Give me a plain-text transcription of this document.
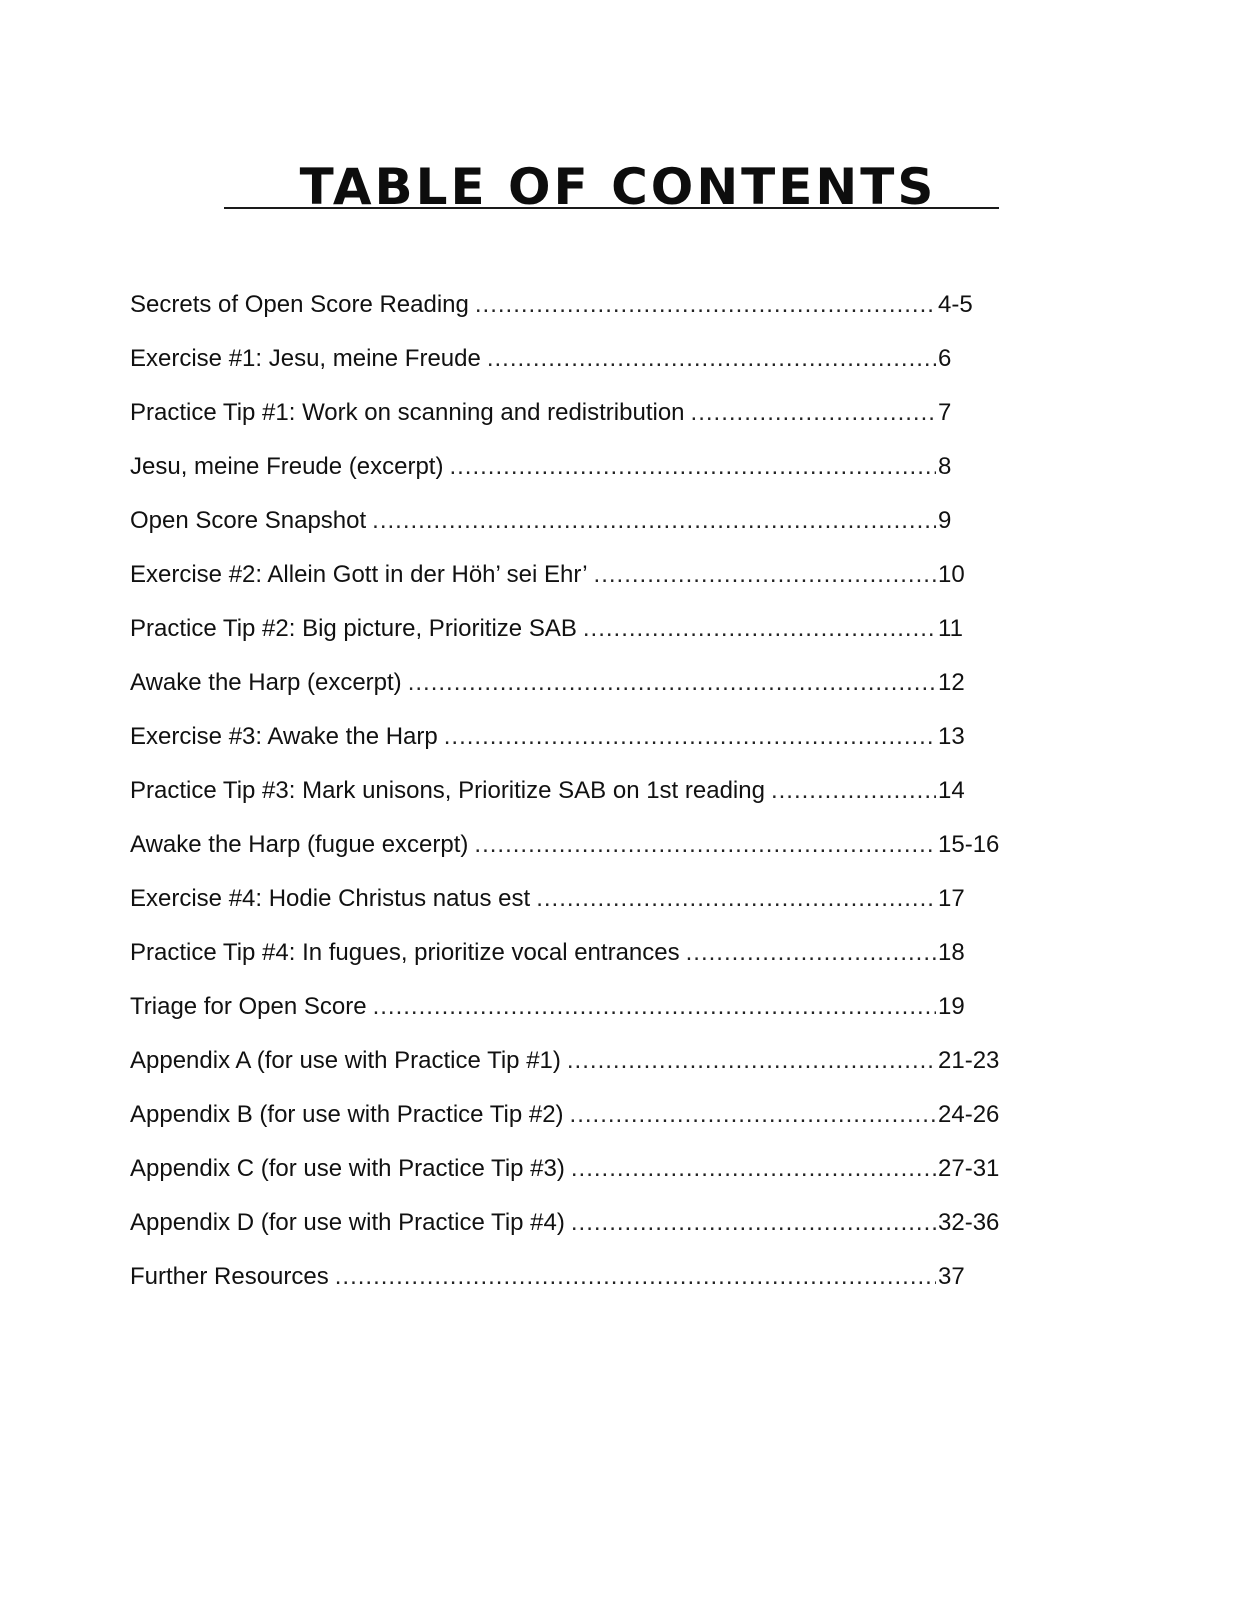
TABLE OF CONTENTS
Secrets of Open Score Reading .....	4-5
Exercise #1: Jesu, meine Freude .....	6
Practice Tip #1: Work on scanning and redistribution .....	7
Jesu, meine Freude (excerpt) .....	8
Open Score Snapshot .....	9
Exercise #2: Allein Gott in der Höh’ sei Ehr’ .....	10
Practice Tip #2: Big picture, Prioritize SAB .....	11
Awake the Harp (excerpt) .....	12
Exercise #3: Awake the Harp .....	13
Practice Tip #3: Mark unisons, Prioritize SAB on 1st reading .....	14
Awake the Harp (fugue excerpt) .....	15-16
Exercise #4: Hodie Christus natus est .....	17
Practice Tip #4: In fugues, prioritize vocal entrances .....	18
Triage for Open Score .....	19
Appendix A (for use with Practice Tip #1) .....	21-23
Appendix B (for use with Practice Tip #2) .....	24-26
Appendix C (for use with Practice Tip #3) .....	27-31
Appendix D (for use with Practice Tip #4) .....	32-36
Further Resources .....	37
